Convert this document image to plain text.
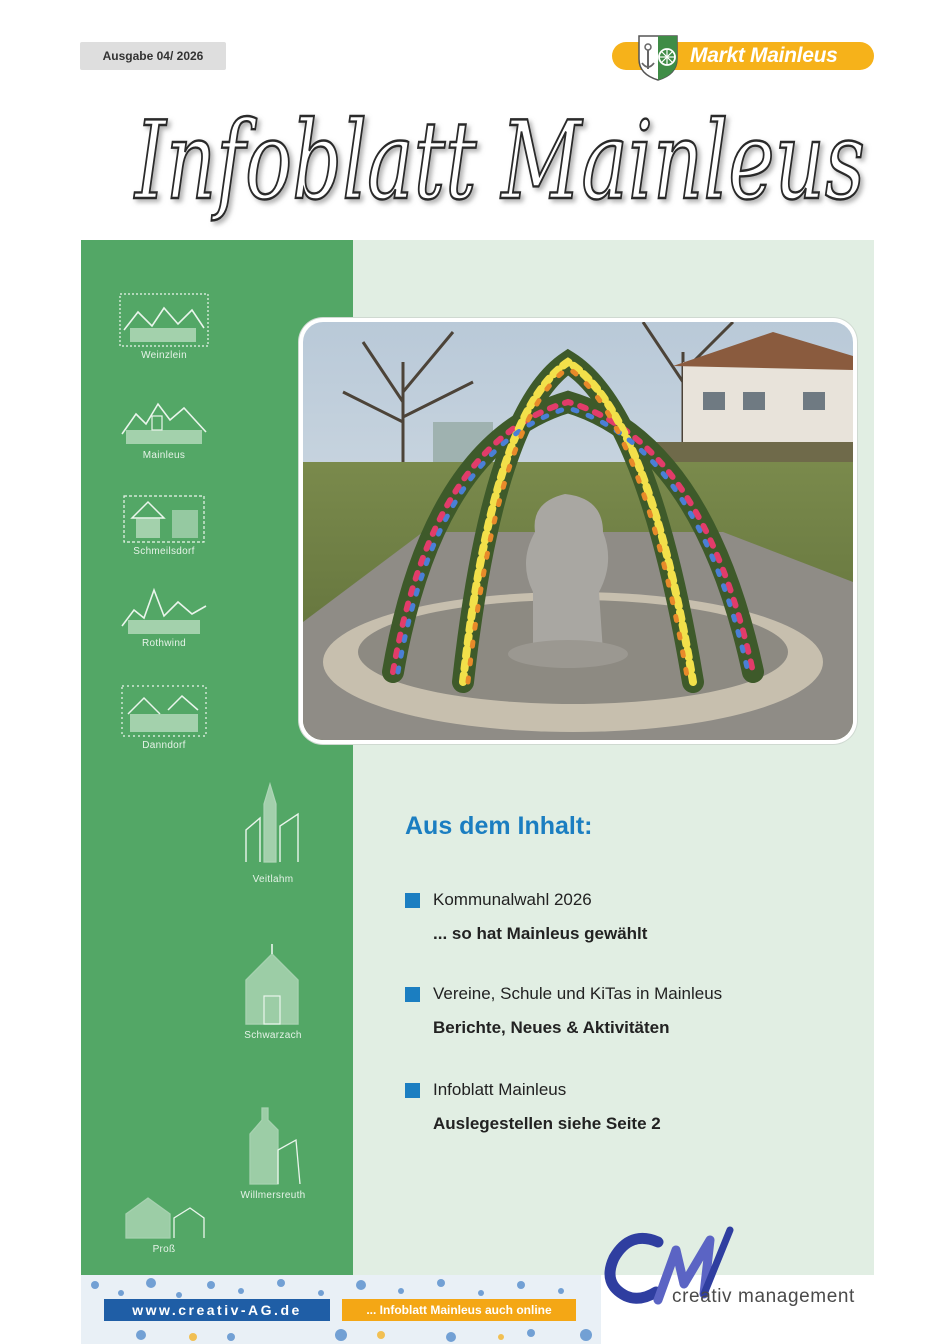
Ausgabe 04/ 2026	Markt Mainleus
Infoblatt Mainleus
Weinzlein
Mainleus
Schmeilsdorf
Rothwind
Danndorf
Veitlahm
Schwarzach
Willmersreuth
Proß
Aus dem Inhalt:
Kommunalwahl 2026
... so hat Mainleus gewählt
Vereine, Schule und KiTas in Mainleus
Berichte, Neues & Aktivitäten
Infoblatt Mainleus
Auslegestellen siehe Seite 2
www.creativ-AG.de	... Infoblatt Mainleus auch online
creativ management
